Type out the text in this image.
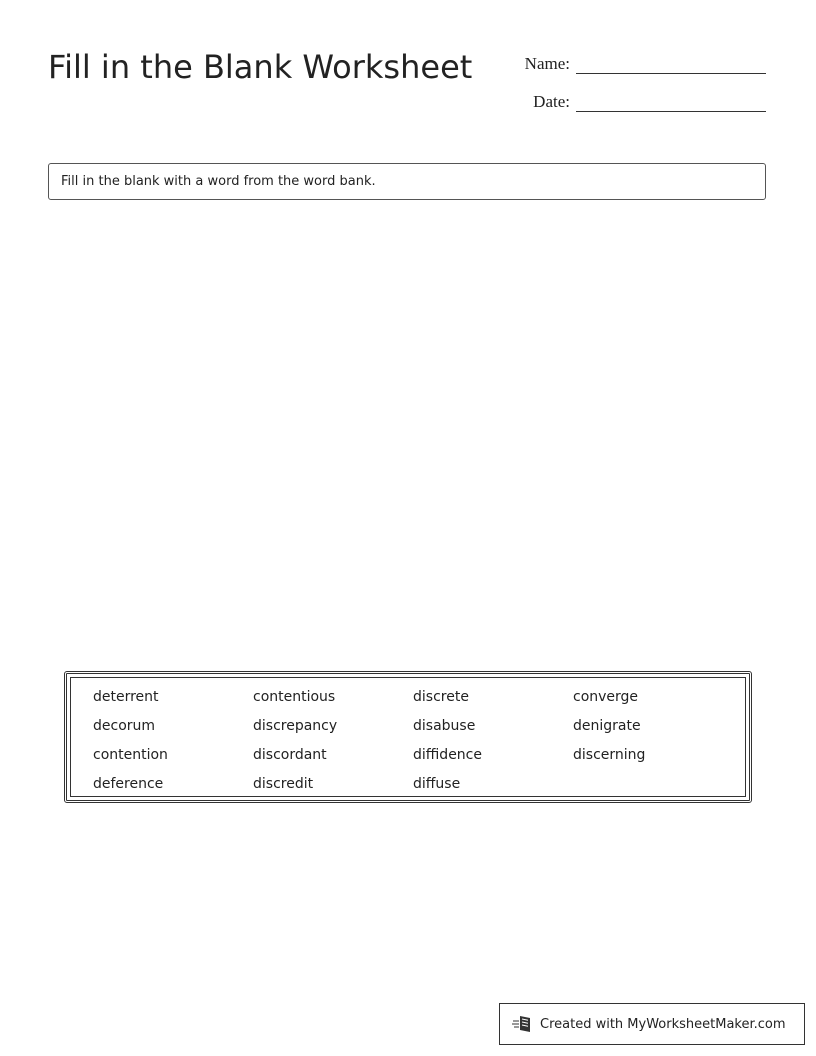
Fill in the Blank Worksheet	Name:
Date:
Fill in the blank with a word from the word bank.
deterrent	contentious	discrete	converge
decorum	discrepancy	disabuse	denigrate
contention	discordant	diffidence	discerning
deference	discredit	diffuse
Created with MyWorksheetMaker.com
